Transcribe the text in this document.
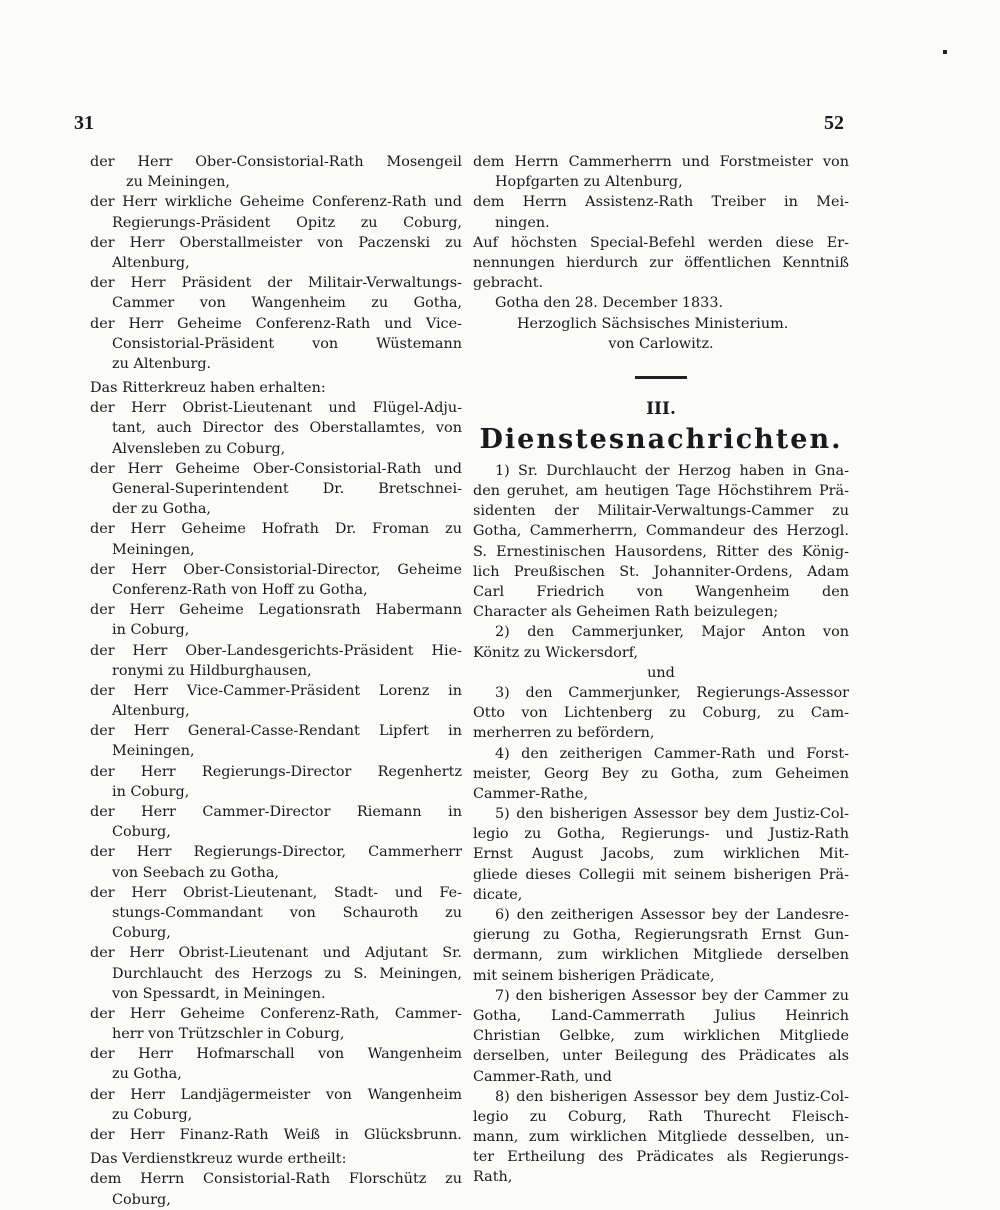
31	52
der Herr Ober-Consistorial-Rath Mosengeil
zu Meiningen,
der Herr wirkliche Geheime Conferenz-Rath und
Regierungs-Präsident Opitz zu Coburg,
der Herr Oberstallmeister von Paczenski zu
Altenburg,
der Herr Präsident der Militair-Verwaltungs-
Cammer von Wangenheim zu Gotha,
der Herr Geheime Conferenz-Rath und Vice-
Consistorial-Präsident von Wüstemann
zu Altenburg.
Das Ritterkreuz haben erhalten:
der Herr Obrist-Lieutenant und Flügel-Adju-
tant, auch Director des Oberstallamtes, von
Alvensleben zu Coburg,
der Herr Geheime Ober-Consistorial-Rath und
General-Superintendent Dr. Bretschnei-
der zu Gotha,
der Herr Geheime Hofrath Dr. Froman zu
Meiningen,
der Herr Ober-Consistorial-Director, Geheime
Conferenz-Rath von Hoff zu Gotha,
der Herr Geheime Legationsrath Habermann
in Coburg,
der Herr Ober-Landesgerichts-Präsident Hie-
ronymi zu Hildburghausen,
der Herr Vice-Cammer-Präsident Lorenz in
Altenburg,
der Herr General-Casse-Rendant Lipfert in
Meiningen,
der Herr Regierungs-Director Regenhertz
in Coburg,
der Herr Cammer-Director Riemann in
Coburg,
der Herr Regierungs-Director, Cammerherr
von Seebach zu Gotha,
der Herr Obrist-Lieutenant, Stadt- und Fe-
stungs-Commandant von Schauroth zu
Coburg,
der Herr Obrist-Lieutenant und Adjutant Sr.
Durchlaucht des Herzogs zu S. Meiningen,
von Spessardt, in Meiningen.
der Herr Geheime Conferenz-Rath, Cammer-
herr von Trützschler in Coburg,
der Herr Hofmarschall von Wangenheim
zu Gotha,
der Herr Landjägermeister von Wangenheim
zu Coburg,
der Herr Finanz-Rath Weiß in Glücksbrunn.
Das Verdienstkreuz wurde ertheilt:
dem Herrn Consistorial-Rath Florschütz zu
Coburg,
dem Herrn Cammerherrn und Forstmeister von
Hopfgarten zu Altenburg,
dem Herrn Assistenz-Rath Treiber in Mei-
ningen.
Auf höchsten Special-Befehl werden diese Er-
nennungen hierdurch zur öffentlichen Kenntniß
gebracht.
Gotha den 28. December 1833.
Herzoglich Sächsisches Ministerium.
von Carlowitz.
III.
Dienstesnachrichten.
1) Sr. Durchlaucht der Herzog haben in Gna-
den geruhet, am heutigen Tage Höchstihrem Prä-
sidenten der Militair-Verwaltungs-Cammer zu
Gotha, Cammerherrn, Commandeur des Herzogl.
S. Ernestinischen Hausordens, Ritter des König-
lich Preußischen St. Johanniter-Ordens, Adam
Carl Friedrich von Wangenheim den
Character als Geheimen Rath beizulegen;
2) den Cammerjunker, Major Anton von
Könitz zu Wickersdorf,
und
3) den Cammerjunker, Regierungs-Assessor
Otto von Lichtenberg zu Coburg, zu Cam-
merherren zu befördern,
4) den zeitherigen Cammer-Rath und Forst-
meister, Georg Bey zu Gotha, zum Geheimen
Cammer-Rathe,
5) den bisherigen Assessor bey dem Justiz-Col-
legio zu Gotha, Regierungs- und Justiz-Rath
Ernst August Jacobs, zum wirklichen Mit-
gliede dieses Collegii mit seinem bisherigen Prä-
dicate,
6) den zeitherigen Assessor bey der Landesre-
gierung zu Gotha, Regierungsrath Ernst Gun-
dermann, zum wirklichen Mitgliede derselben
mit seinem bisherigen Prädicate,
7) den bisherigen Assessor bey der Cammer zu
Gotha, Land-Cammerrath Julius Heinrich
Christian Gelbke, zum wirklichen Mitgliede
derselben, unter Beilegung des Prädicates als
Cammer-Rath, und
8) den bisherigen Assessor bey dem Justiz-Col-
legio zu Coburg, Rath Thurecht Fleisch-
mann, zum wirklichen Mitgliede desselben, un-
ter Ertheilung des Prädicates als Regierungs-
Rath,
